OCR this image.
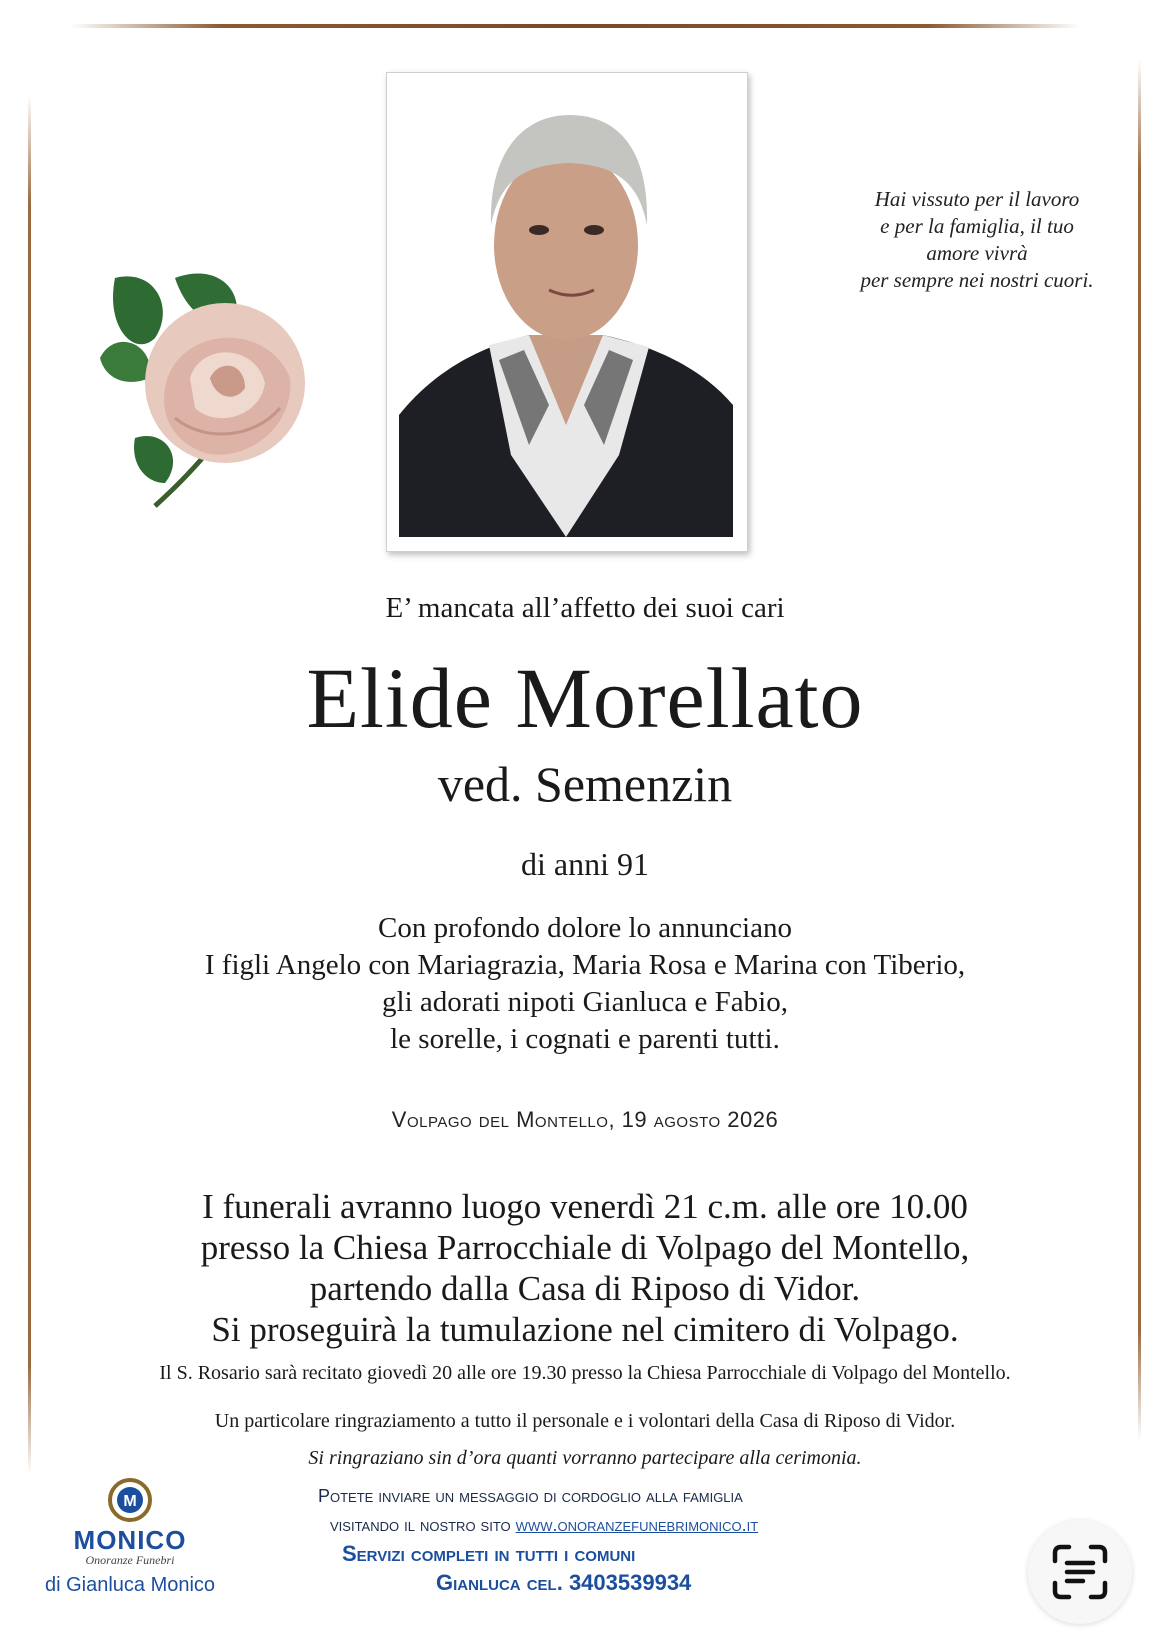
Hai vissuto per il lavoro
e per la famiglia, il tuo
amore vivrà
per sempre nei nostri cuori.
E’ mancata all’affetto dei suoi cari
Elide Morellato
ved. Semenzin
di anni 91
Con profondo dolore lo annunciano
I figli Angelo con Mariagrazia, Maria Rosa e Marina con Tiberio,
gli adorati nipoti Gianluca e Fabio,
le sorelle, i cognati e parenti tutti.
Volpago del Montello, 19 agosto 2026
I funerali avranno luogo venerdì 21 c.m. alle ore 10.00
presso la Chiesa Parrocchiale di Volpago del Montello,
partendo dalla Casa di Riposo di Vidor.
Si proseguirà la tumulazione nel cimitero di Volpago.
Il S. Rosario sarà recitato giovedì 20 alle ore 19.30 presso la Chiesa Parrocchiale di Volpago del Montello.
Un particolare ringraziamento a tutto il personale e i volontari della Casa di Riposo di Vidor.
Si ringraziano sin d’ora quanti vorranno partecipare alla cerimonia.
M
MONICO
Onoranze Funebri
di Gianluca Monico
Potete inviare un messaggio di cordoglio alla famiglia
visitando il nostro sito www.onoranzefunebrimonico.it
Servizi completi in tutti i comuni
Gianluca cel. 3403539934
